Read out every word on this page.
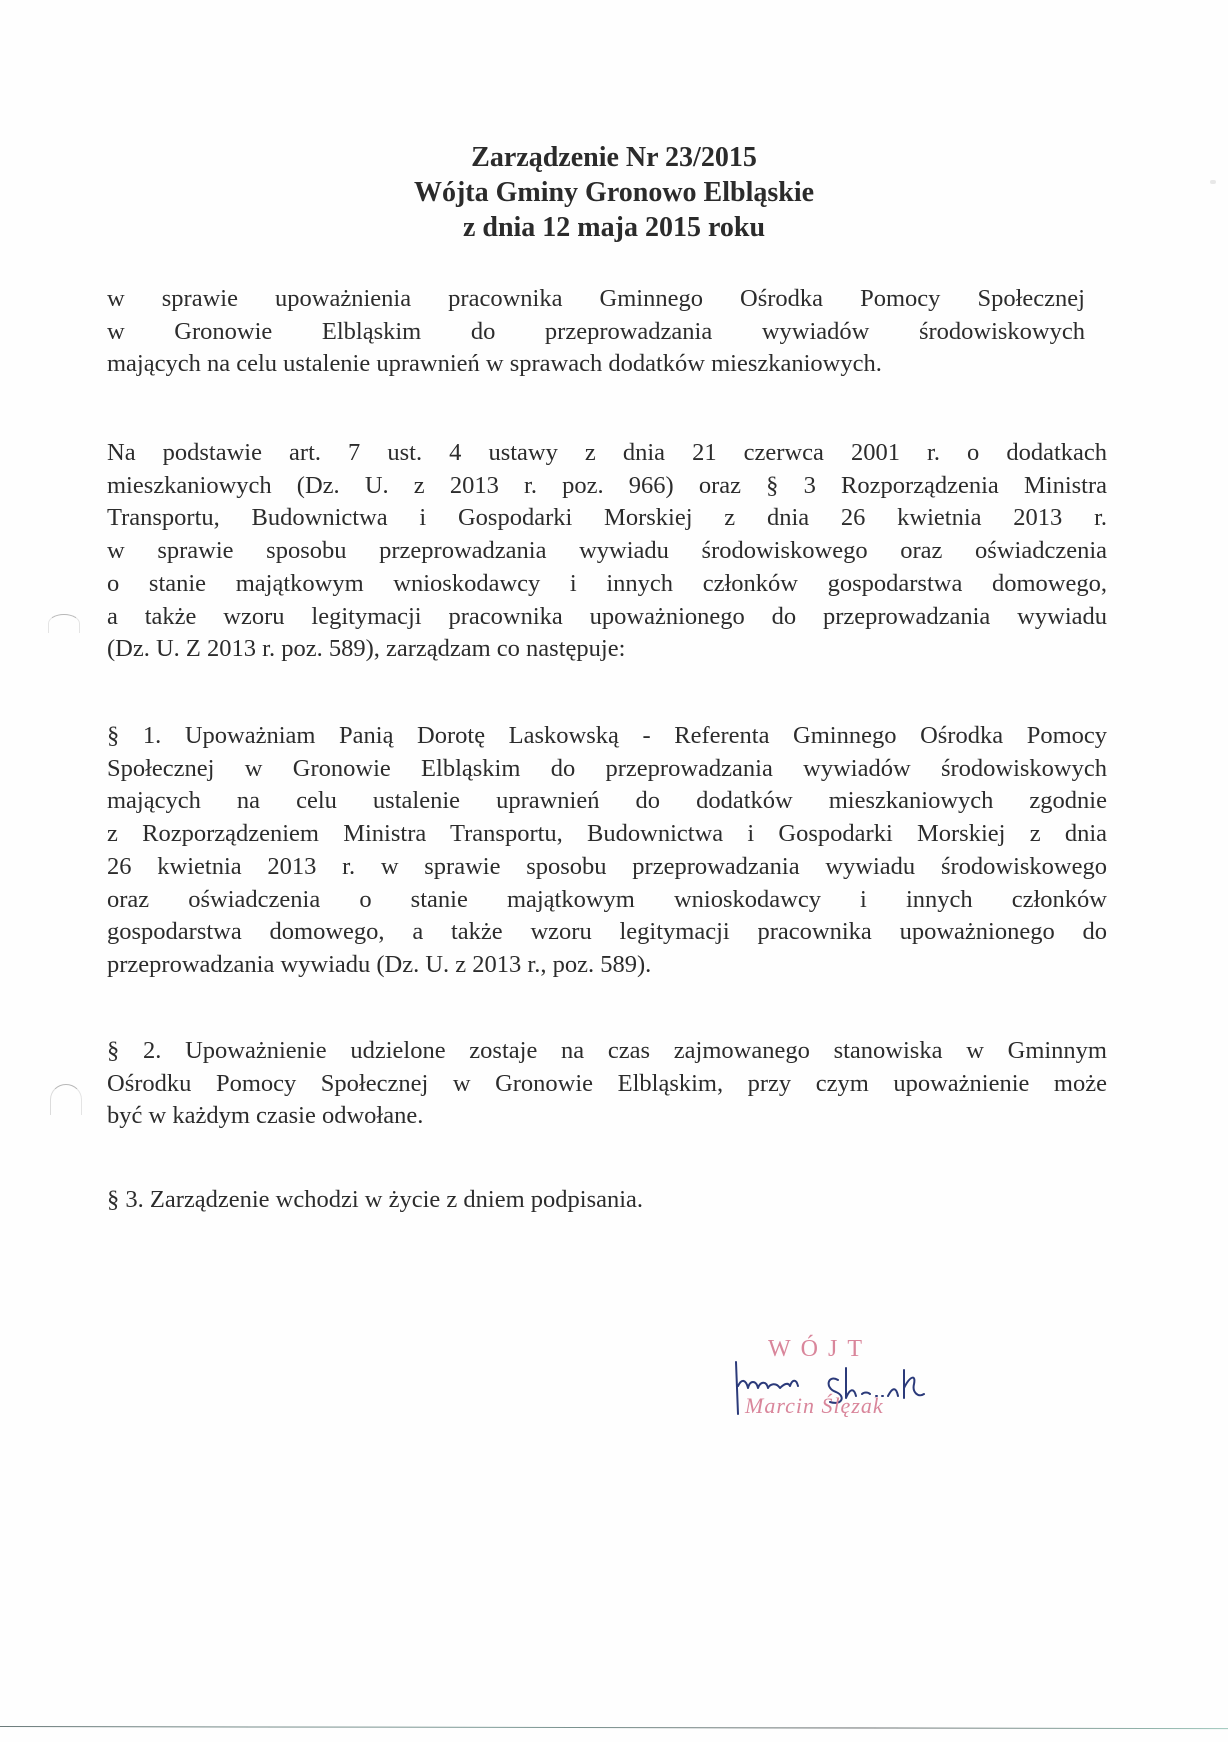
Zarządzenie Nr 23/2015
Wójta Gminy Gronowo Elbląskie
z dnia 12 maja 2015 roku
w sprawie upoważnienia pracownika Gminnego Ośrodka Pomocy Społecznej
w Gronowie Elbląskim do przeprowadzania wywiadów środowiskowych
mających na celu ustalenie uprawnień w sprawach dodatków mieszkaniowych.
Na podstawie art. 7 ust. 4 ustawy z dnia 21 czerwca 2001 r. o dodatkach
mieszkaniowych (Dz. U. z 2013 r. poz. 966) oraz § 3 Rozporządzenia Ministra
Transportu, Budownictwa i Gospodarki Morskiej z dnia 26 kwietnia 2013 r.
w sprawie sposobu przeprowadzania wywiadu środowiskowego oraz oświadczenia
o stanie majątkowym wnioskodawcy i innych członków gospodarstwa domowego,
a także wzoru legitymacji pracownika upoważnionego do przeprowadzania wywiadu
(Dz. U. Z 2013 r. poz. 589), zarządzam co następuje:
§ 1. Upoważniam Panią Dorotę Laskowską - Referenta Gminnego Ośrodka Pomocy
Społecznej w Gronowie Elbląskim do przeprowadzania wywiadów środowiskowych
mających na celu ustalenie uprawnień do dodatków mieszkaniowych zgodnie
z Rozporządzeniem Ministra Transportu, Budownictwa i Gospodarki Morskiej z dnia
26 kwietnia 2013 r. w sprawie sposobu przeprowadzania wywiadu środowiskowego
oraz oświadczenia o stanie majątkowym wnioskodawcy i innych członków
gospodarstwa domowego, a także wzoru legitymacji pracownika upoważnionego do
przeprowadzania wywiadu (Dz. U. z 2013 r., poz. 589).
§ 2. Upoważnienie udzielone zostaje na czas zajmowanego stanowiska w Gminnym
Ośrodku Pomocy Społecznej w Gronowie Elbląskim, przy czym upoważnienie może
być w każdym czasie odwołane.
§ 3. Zarządzenie wchodzi w życie z dniem podpisania.
WÓJT
Marcin Ślęzak
